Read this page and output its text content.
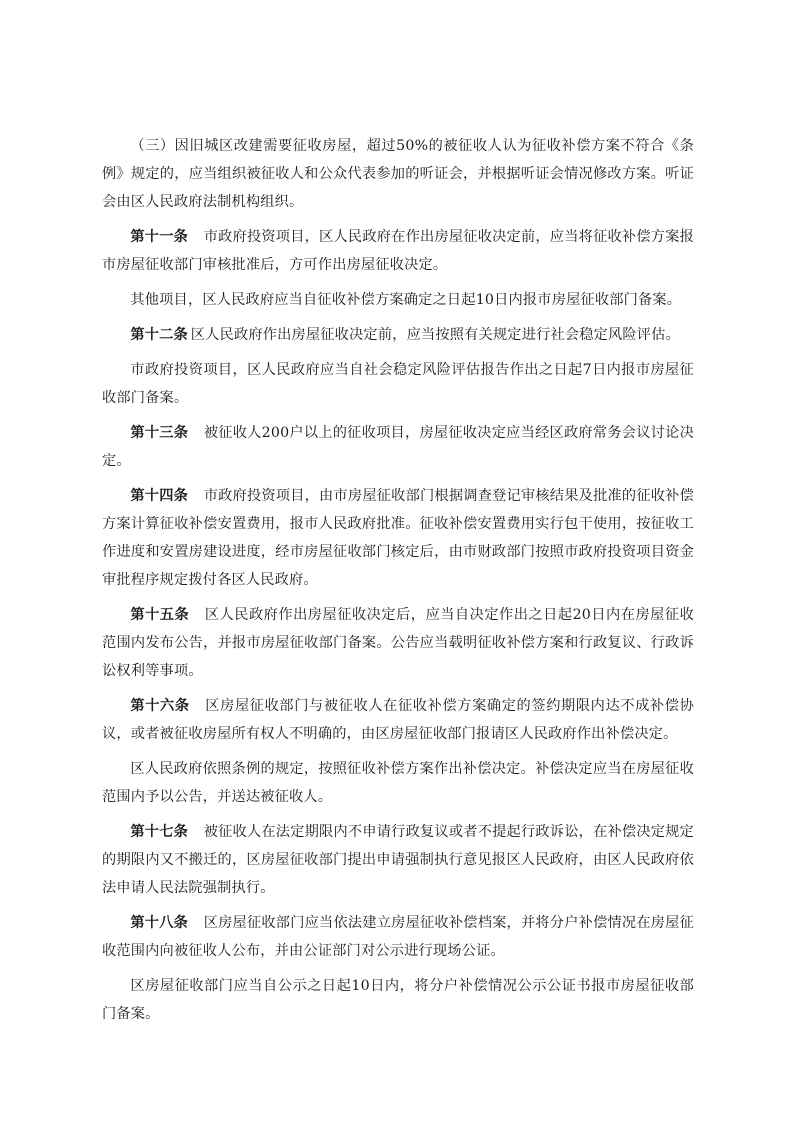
（三）因旧城区改建需要征收房屋，超过50%的被征收人认为征收补偿方案不符合《条例》规定的，应当组织被征收人和公众代表参加的听证会，并根据听证会情况修改方案。听证会由区人民政府法制机构组织。

第十一条 市政府投资项目，区人民政府在作出房屋征收决定前，应当将征收补偿方案报市房屋征收部门审核批准后，方可作出房屋征收决定。

其他项目，区人民政府应当自征收补偿方案确定之日起10日内报市房屋征收部门备案。

第十二条 区人民政府作出房屋征收决定前，应当按照有关规定进行社会稳定风险评估。

市政府投资项目，区人民政府应当自社会稳定风险评估报告作出之日起7日内报市房屋征收部门备案。

第十三条 被征收人200户以上的征收项目，房屋征收决定应当经区政府常务会议讨论决定。

第十四条 市政府投资项目，由市房屋征收部门根据调查登记审核结果及批准的征收补偿方案计算征收补偿安置费用，报市人民政府批准。征收补偿安置费用实行包干使用，按征收工作进度和安置房建设进度，经市房屋征收部门核定后，由市财政部门按照市政府投资项目资金审批程序规定拨付各区人民政府。

第十五条 区人民政府作出房屋征收决定后，应当自决定作出之日起20日内在房屋征收范围内发布公告，并报市房屋征收部门备案。公告应当载明征收补偿方案和行政复议、行政诉讼权利等事项。

第十六条 区房屋征收部门与被征收人在征收补偿方案确定的签约期限内达不成补偿协议，或者被征收房屋所有权人不明确的，由区房屋征收部门报请区人民政府作出补偿决定。

区人民政府依照条例的规定，按照征收补偿方案作出补偿决定。补偿决定应当在房屋征收范围内予以公告，并送达被征收人。

第十七条 被征收人在法定期限内不申请行政复议或者不提起行政诉讼，在补偿决定规定的期限内又不搬迁的，区房屋征收部门提出申请强制执行意见报区人民政府，由区人民政府依法申请人民法院强制执行。

第十八条 区房屋征收部门应当依法建立房屋征收补偿档案，并将分户补偿情况在房屋征收范围内向被征收人公布，并由公证部门对公示进行现场公证。

区房屋征收部门应当自公示之日起10日内，将分户补偿情况公示公证书报市房屋征收部门备案。
